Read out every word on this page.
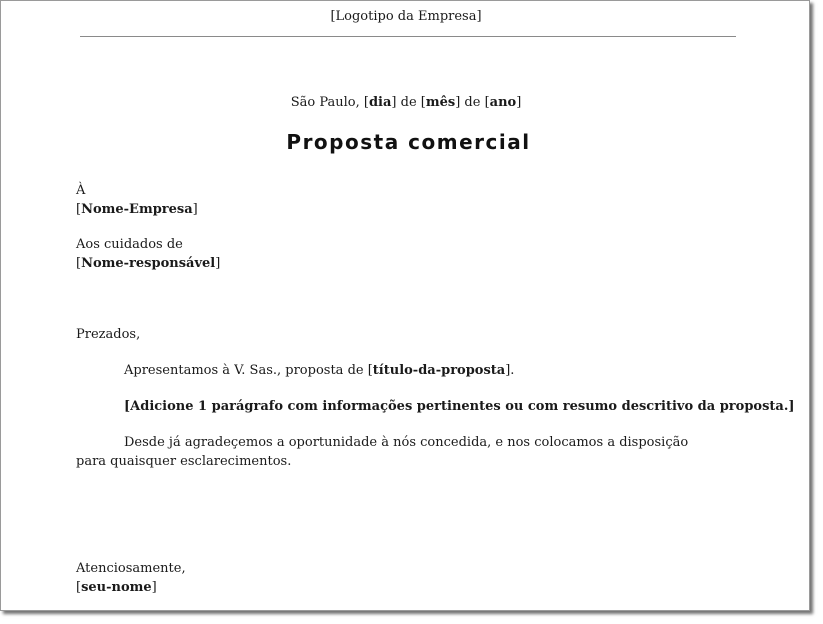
[Logotipo da Empresa]
São Paulo, [dia] de [mês] de [ano]
Proposta comercial
À
[Nome-Empresa]
Aos cuidados de
[Nome-responsável]
Prezados,
Apresentamos à V. Sas., proposta de [título-da-proposta].
[Adicione 1 parágrafo com informações pertinentes ou com resumo descritivo da proposta.]
Desde já agradeçemos a oportunidade à nós concedida, e nos colocamos a disposição para quaisquer esclarecimentos.
Atenciosamente,
[seu-nome]
